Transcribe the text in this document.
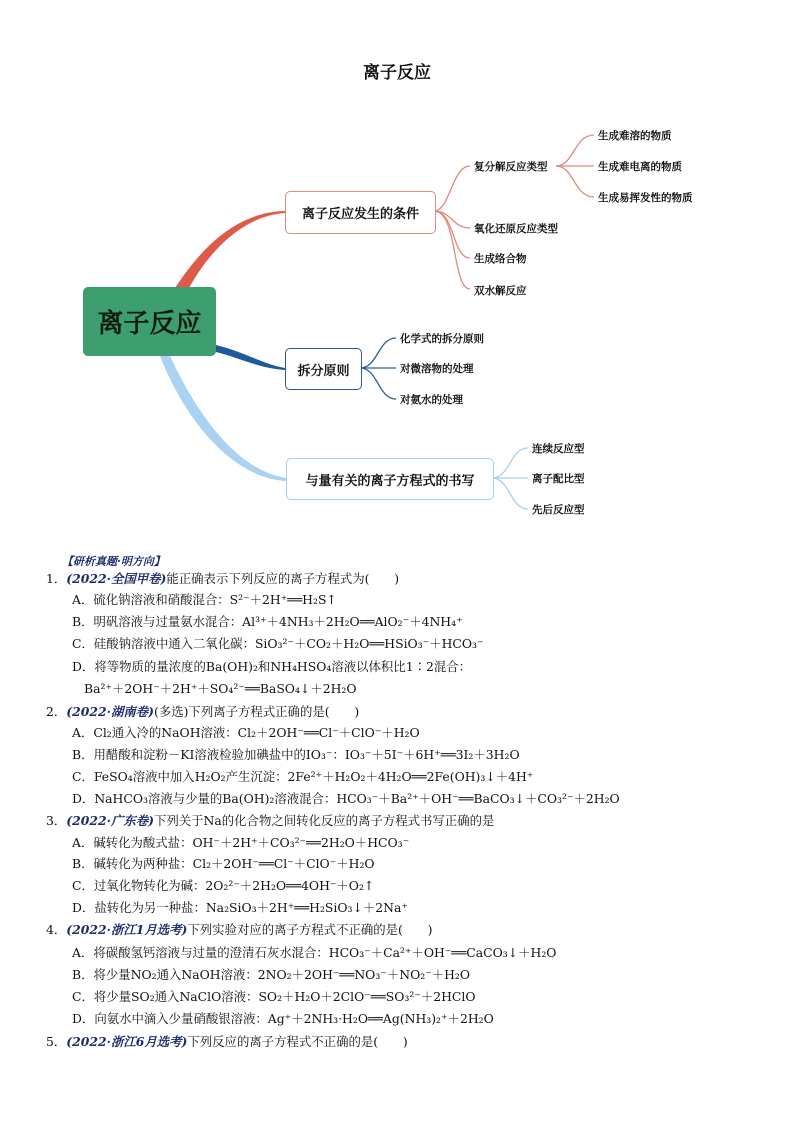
离子反应
离子反应
离子反应发生的条件
拆分原则
与量有关的离子方程式的书写
复分解反应类型
生成难溶的物质
生成难电离的物质
生成易挥发性的物质
氧化还原反应类型
生成络合物
双水解反应
化学式的拆分原则
对微溶物的处理
对氨水的处理
连续反应型
离子配比型
先后反应型
【研析真题·明方向】
1．(2022·全国甲卷)能正确表示下列反应的离子方程式为(　　)
A．硫化钠溶液和硝酸混合：S²⁻＋2H⁺══H₂S↑
B．明矾溶液与过量氨水混合：Al³⁺＋4NH₃＋2H₂O══AlO₂⁻＋4NH₄⁺
C．硅酸钠溶液中通入二氧化碳：SiO₃²⁻＋CO₂＋H₂O══HSiO₃⁻＋HCO₃⁻
D．将等物质的量浓度的Ba(OH)₂和NH₄HSO₄溶液以体积比1∶2混合：
Ba²⁺＋2OH⁻＋2H⁺＋SO₄²⁻══BaSO₄↓＋2H₂O
2．(2022·湖南卷)(多选)下列离子方程式正确的是(　　)
A．Cl₂通入冷的NaOH溶液：Cl₂＋2OH⁻══Cl⁻＋ClO⁻＋H₂O
B．用醋酸和淀粉－KI溶液检验加碘盐中的IO₃⁻：IO₃⁻＋5I⁻＋6H⁺══3I₂＋3H₂O
C．FeSO₄溶液中加入H₂O₂产生沉淀：2Fe²⁺＋H₂O₂＋4H₂O══2Fe(OH)₃↓＋4H⁺
D．NaHCO₃溶液与少量的Ba(OH)₂溶液混合：HCO₃⁻＋Ba²⁺＋OH⁻══BaCO₃↓＋CO₃²⁻＋2H₂O
3．(2022·广东卷)下列关于Na的化合物之间转化反应的离子方程式书写正确的是
A．碱转化为酸式盐：OH⁻＋2H⁺＋CO₃²⁻══2H₂O＋HCO₃⁻
B．碱转化为两种盐：Cl₂＋2OH⁻══Cl⁻＋ClO⁻＋H₂O
C．过氧化物转化为碱：2O₂²⁻＋2H₂O══4OH⁻＋O₂↑
D．盐转化为另一种盐：Na₂SiO₃＋2H⁺══H₂SiO₃↓＋2Na⁺
4．(2022·浙江1月选考)下列实验对应的离子方程式不正确的是(　　)
A．将碳酸氢钙溶液与过量的澄清石灰水混合：HCO₃⁻＋Ca²⁺＋OH⁻══CaCO₃↓＋H₂O
B．将少量NO₂通入NaOH溶液：2NO₂＋2OH⁻══NO₃⁻＋NO₂⁻＋H₂O
C．将少量SO₂通入NaClO溶液：SO₂＋H₂O＋2ClO⁻══SO₃²⁻＋2HClO
D．向氨水中滴入少量硝酸银溶液：Ag⁺＋2NH₃·H₂O══Ag(NH₃)₂⁺＋2H₂O
5．(2022·浙江6月选考)下列反应的离子方程式不正确的是(　　)
